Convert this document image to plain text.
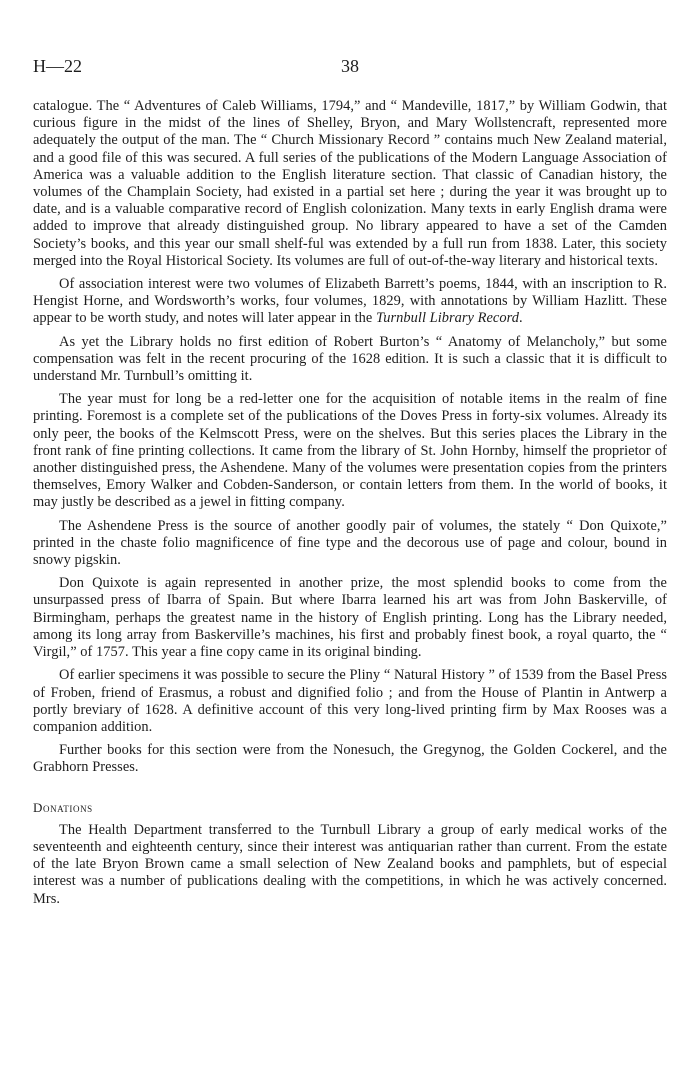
H—22	38

catalogue. The “ Adventures of Caleb Williams, 1794,” and “ Mandeville, 1817,” by William Godwin, that curious figure in the midst of the lines of Shelley, Bryon, and Mary Wollstencraft, represented more adequately the output of the man. The “ Church Missionary Record ” contains much New Zealand material, and a good file of this was secured. A full series of the publications of the Modern Language Association of America was a valuable addition to the English literature section. That classic of Canadian history, the volumes of the Champlain Society, had existed in a partial set here ; during the year it was brought up to date, and is a valuable comparative record of English colonization. Many texts in early English drama were added to improve that already distinguished group. No library appeared to have a set of the Camden Society’s books, and this year our small shelf-ful was extended by a full run from 1838. Later, this society merged into the Royal Historical Society. Its volumes are full of out-of-the-way literary and historical texts.

Of association interest were two volumes of Elizabeth Barrett’s poems, 1844, with an inscription to R. Hengist Horne, and Wordsworth’s works, four volumes, 1829, with annotations by William Hazlitt. These appear to be worth study, and notes will later appear in the Turnbull Library Record.

As yet the Library holds no first edition of Robert Burton’s “ Anatomy of Melancholy,” but some compensation was felt in the recent procuring of the 1628 edition. It is such a classic that it is difficult to understand Mr. Turnbull’s omitting it.

The year must for long be a red-letter one for the acquisition of notable items in the realm of fine printing. Foremost is a complete set of the publications of the Doves Press in forty-six volumes. Already its only peer, the books of the Kelmscott Press, were on the shelves. But this series places the Library in the front rank of fine printing collections. It came from the library of St. John Hornby, himself the proprietor of another distinguished press, the Ashendene. Many of the volumes were presentation copies from the printers themselves, Emory Walker and Cobden-Sanderson, or contain letters from them. In the world of books, it may justly be described as a jewel in fitting company.

The Ashendene Press is the source of another goodly pair of volumes, the stately “ Don Quixote,” printed in the chaste folio magnificence of fine type and the decorous use of page and colour, bound in snowy pigskin.

Don Quixote is again represented in another prize, the most splendid books to come from the unsurpassed press of Ibarra of Spain. But where Ibarra learned his art was from John Baskerville, of Birmingham, perhaps the greatest name in the history of English printing. Long has the Library needed, among its long array from Baskerville’s machines, his first and probably finest book, a royal quarto, the “ Virgil,” of 1757. This year a fine copy came in its original binding.

Of earlier specimens it was possible to secure the Pliny “ Natural History ” of 1539 from the Basel Press of Froben, friend of Erasmus, a robust and dignified folio ; and from the House of Plantin in Antwerp a portly breviary of 1628. A definitive account of this very long-lived printing firm by Max Rooses was a companion addition.

Further books for this section were from the Nonesuch, the Gregynog, the Golden Cockerel, and the Grabhorn Presses.

Donations

The Health Department transferred to the Turnbull Library a group of early medical works of the seventeenth and eighteenth century, since their interest was antiquarian rather than current. From the estate of the late Bryon Brown came a small selection of New Zealand books and pamphlets, but of especial interest was a number of publications dealing with the competitions, in which he was actively concerned. Mrs.
